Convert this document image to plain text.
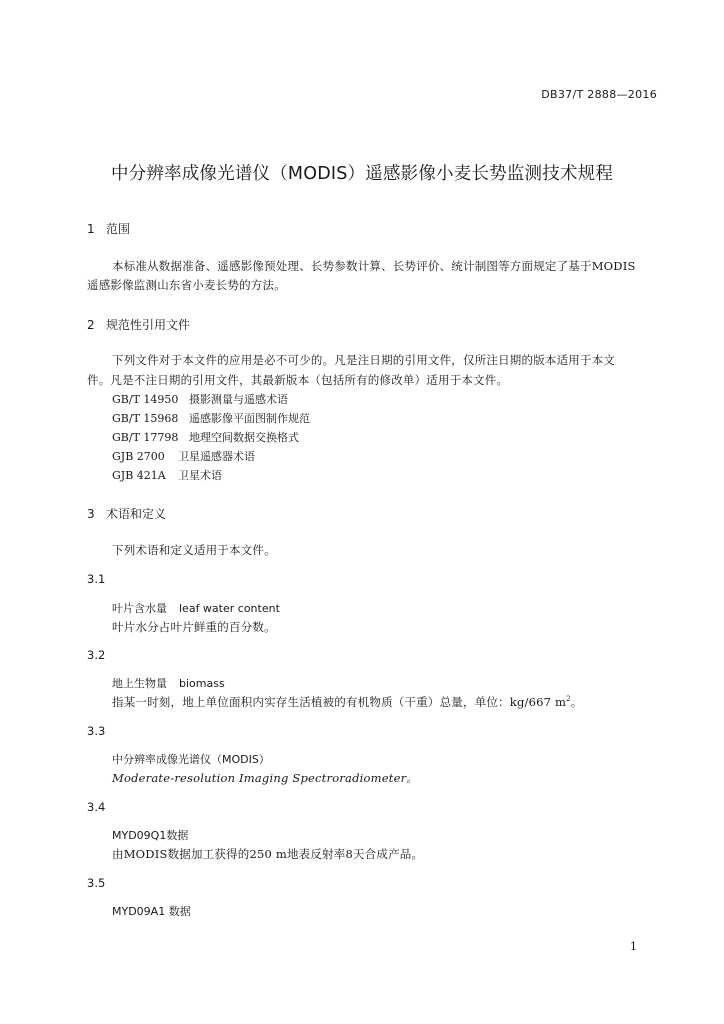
DB37/T 2888—2016
中分辨率成像光谱仪（MODIS）遥感影像小麦长势监测技术规程
1 范围
本标准从数据准备、遥感影像预处理、长势参数计算、长势评价、统计制图等方面规定了基于MODIS
遥感影像监测山东省小麦长势的方法。
2 规范性引用文件
下列文件对于本文件的应用是必不可少的。凡是注日期的引用文件，仅所注日期的版本适用于本文
件。凡是不注日期的引用文件，其最新版本（包括所有的修改单）适用于本文件。
GB/T 14950 摄影测量与遥感术语
GB/T 15968 遥感影像平面图制作规范
GB/T 17798 地理空间数据交换格式
GJB 2700 卫星遥感器术语
GJB 421A 卫星术语
3 术语和定义
下列术语和定义适用于本文件。
3.1
叶片含水量 leaf water content
叶片水分占叶片鲜重的百分数。
3.2
地上生物量 biomass
指某一时刻，地上单位面积内实存生活植被的有机物质（干重）总量，单位：kg/667 $m^2$。
3.3
中分辨率成像光谱仪（MODIS）
Moderate-resolution Imaging Spectroradiometer。
3.4
MYD09Q1数据
由MODIS数据加工获得的250 m地表反射率8天合成产品。
3.5
MYD09A1 数据
1
